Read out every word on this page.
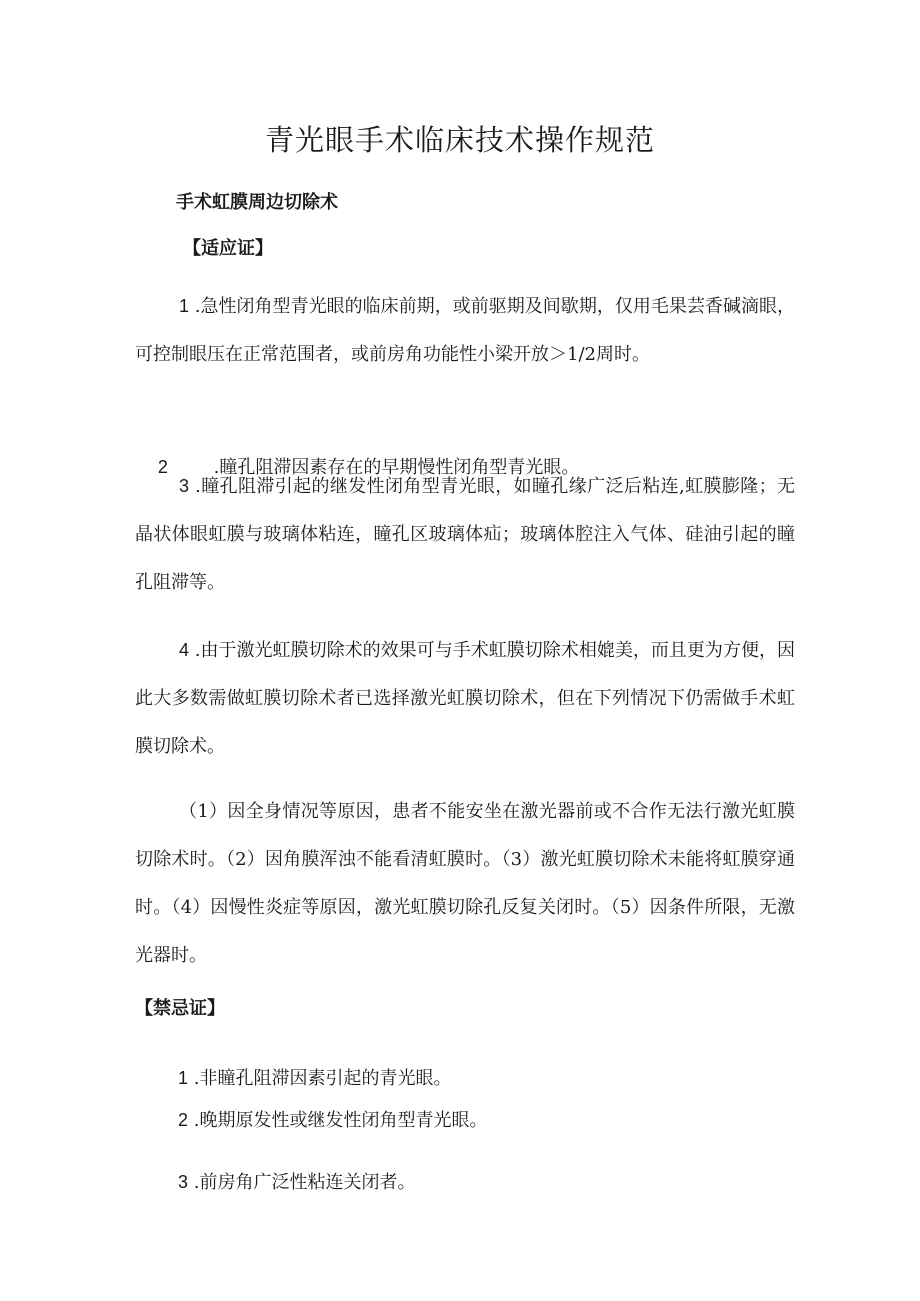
青光眼手术临床技术操作规范
手术虹膜周边切除术
【适应证】

1 .急性闭角型青光眼的临床前期，或前驱期及间歇期，仅用毛果芸香碱滴眼，可控制眼压在正常范围者，或前房角功能性小梁开放＞1/2周时。

2        .瞳孔阻滞因素存在的早期慢性闭角型青光眼。

3 .瞳孔阻滞引起的继发性闭角型青光眼，如瞳孔缘广泛后粘连,虹膜膨隆；无晶状体眼虹膜与玻璃体粘连，瞳孔区玻璃体疝；玻璃体腔注入气体、硅油引起的瞳孔阻滞等。

4 .由于激光虹膜切除术的效果可与手术虹膜切除术相媲美，而且更为方便，因此大多数需做虹膜切除术者已选择激光虹膜切除术，但在下列情况下仍需做手术虹膜切除术。

（1）因全身情况等原因，患者不能安坐在激光器前或不合作无法行激光虹膜切除术时。（2）因角膜浑浊不能看清虹膜时。（3）激光虹膜切除术未能将虹膜穿通时。（4）因慢性炎症等原因，激光虹膜切除孔反复关闭时。（5）因条件所限，无激光器时。

【禁忌证】

1 .非瞳孔阻滞因素引起的青光眼。

2 .晚期原发性或继发性闭角型青光眼。

3 .前房角广泛性粘连关闭者。
